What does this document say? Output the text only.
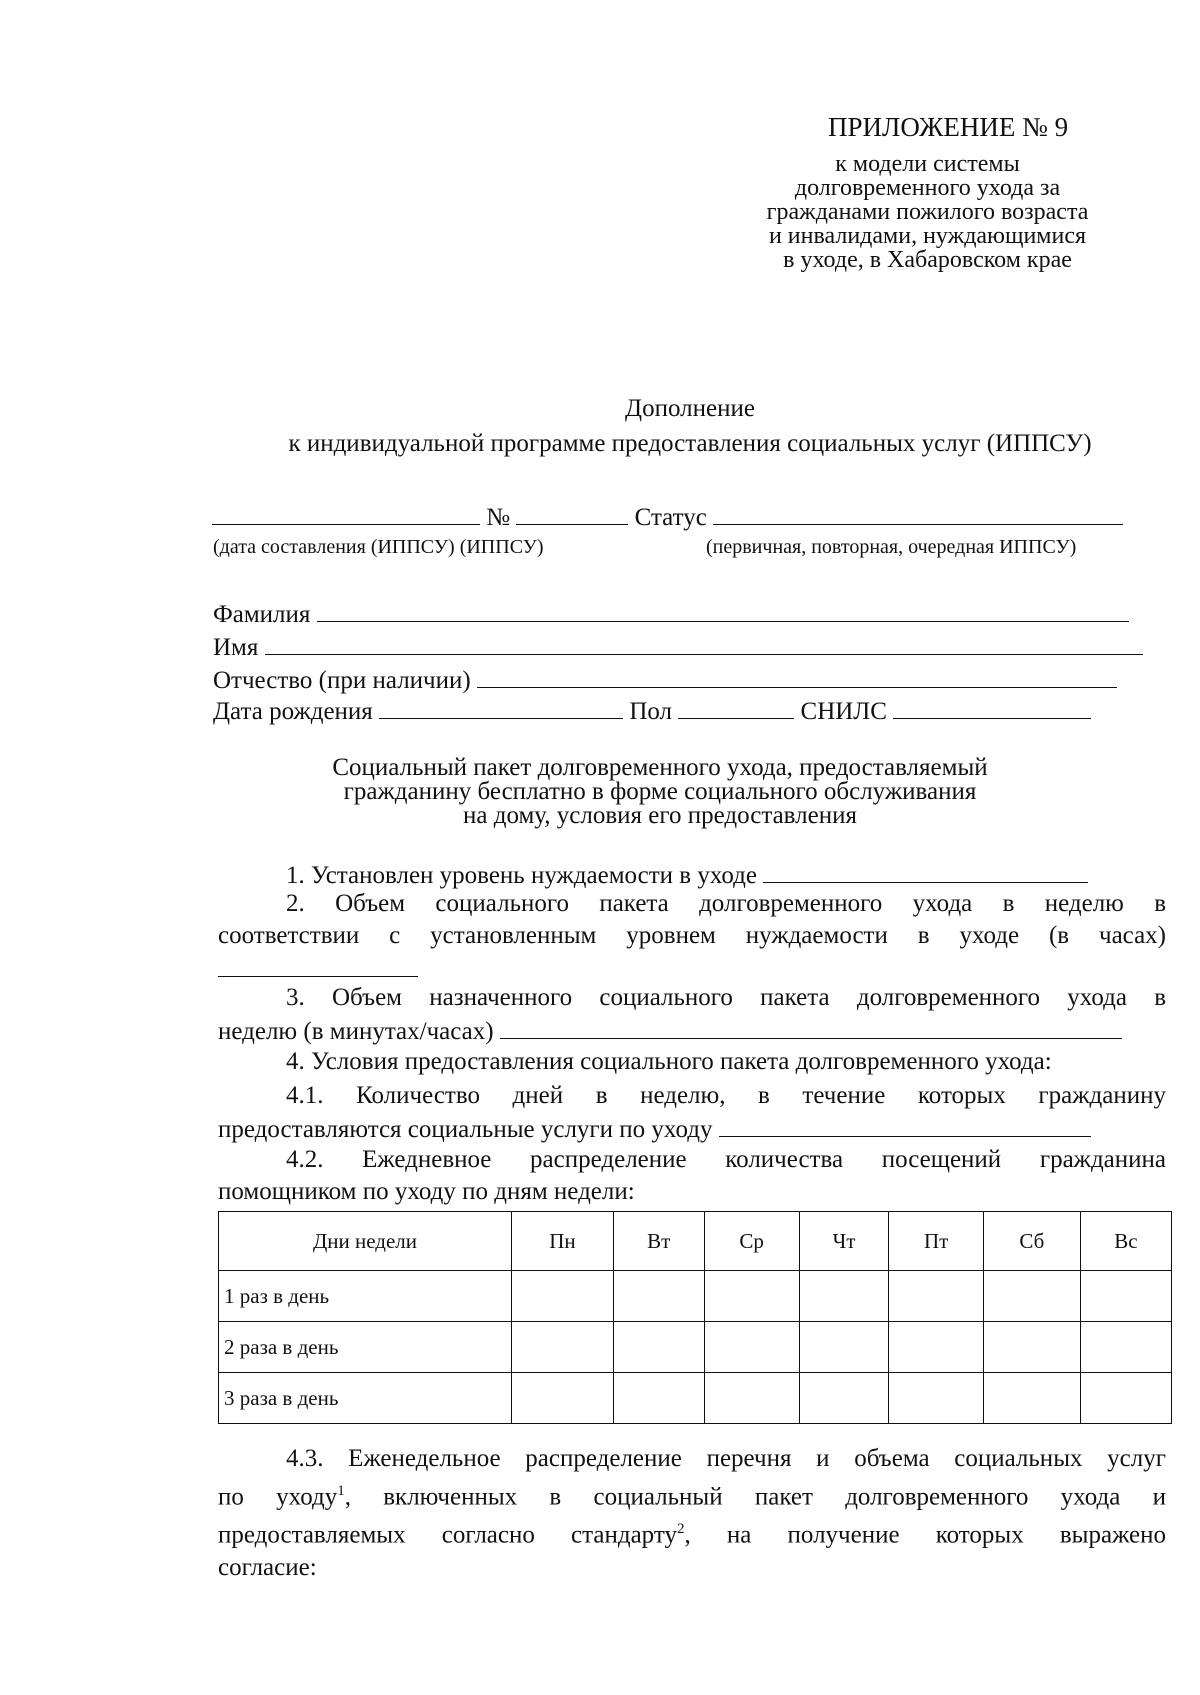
ПРИЛОЖЕНИЕ № 9
к модели системы
долговременного ухода за
гражданами пожилого возраста
и инвалидами, нуждающимися
в уходе, в Хабаровском крае
Дополнение
к индивидуальной программе предоставления социальных услуг (ИППСУ)
№	Статус
(дата составления (ИППСУ) (ИППСУ)	(первичная, повторная, очередная ИППСУ)
Фамилия
Имя
Отчество (при наличии)
Дата рождения	Пол	СНИЛС
Социальный пакет долговременного ухода, предоставляемый
гражданину бесплатно в форме социального обслуживания
на дому, условия его предоставления
1. Установлен уровень нуждаемости в уходе
2. Объем социального пакета долговременного ухода в неделю в
соответствии с установленным уровнем нуждаемости в уходе (в часах)
3. Объем назначенного социального пакета долговременного ухода в
неделю (в минутах/часах)
4. Условия предоставления социального пакета долговременного ухода:
4.1. Количество дней в неделю, в течение которых гражданину
предоставляются социальные услуги по уходу
4.2. Ежедневное распределение количества посещений гражданина
помощником по уходу по дням недели:
Дни недели	Пн	Вт	Ср	Чт	Пт	Сб	Вс
1 раз в день							
2 раза в день							
3 раза в день							
4.3. Еженедельное распределение перечня и объема социальных услуг
по уходу$^1$, включенных в социальный пакет долговременного ухода и
предоставляемых согласно стандарту$^2$, на получение которых выражено
согласие:
